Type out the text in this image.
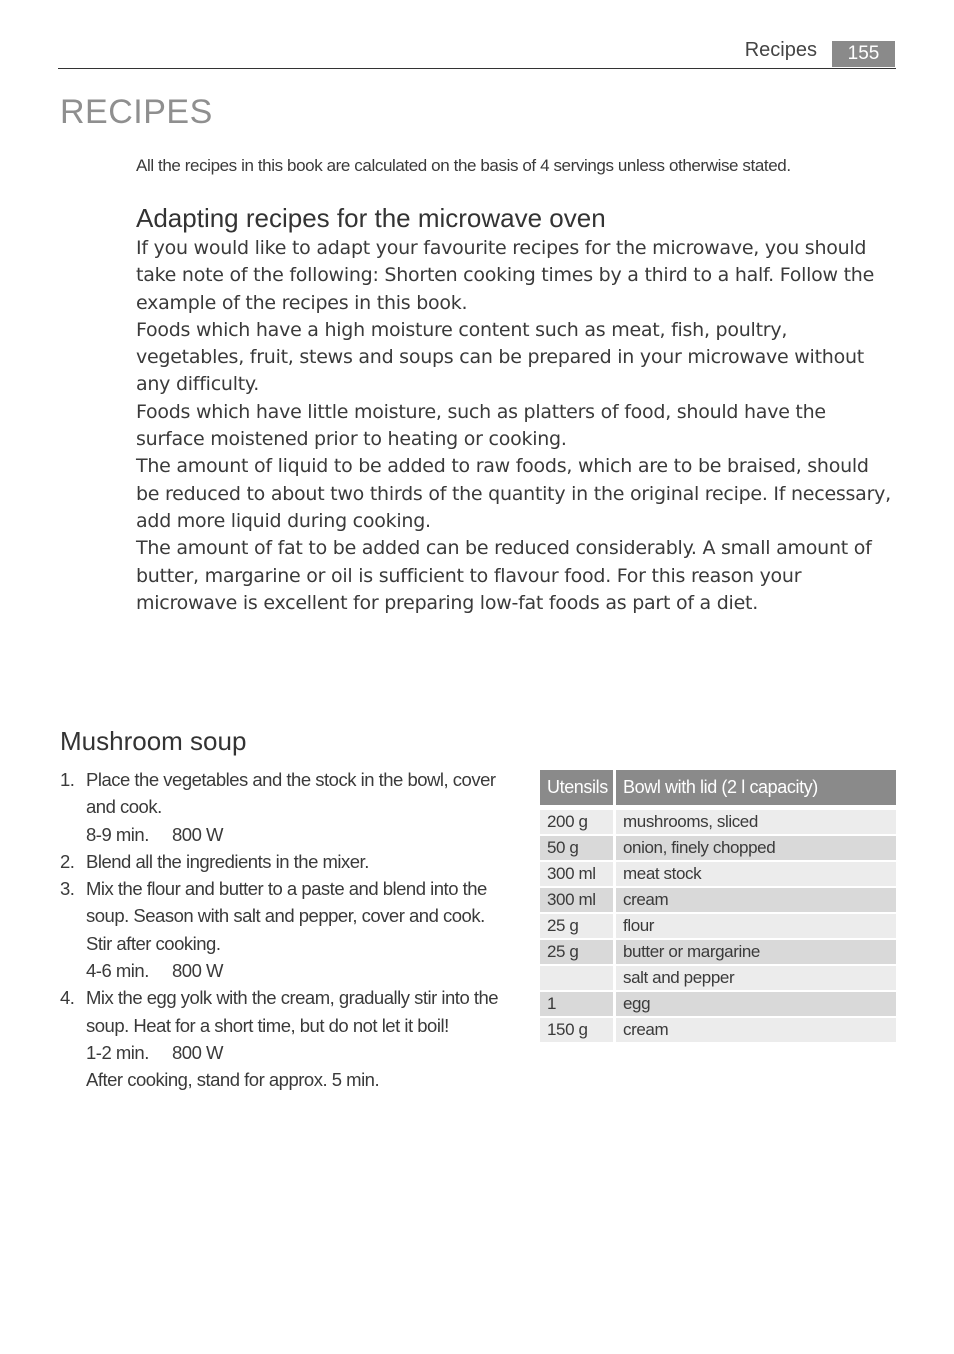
Recipes	155
RECIPES
All the recipes in this book are calculated on the basis of 4 servings unless otherwise stated.
Adapting recipes for the microwave oven

If you would like to adapt your favourite recipes for the microwave, you should take note of the following: Shorten cooking times by a third to a half. Follow the example of the recipes in this book.

Foods which have a high moisture content such as meat, fish, poultry, vegetables, fruit, stews and soups can be prepared in your microwave without any difficulty.

Foods which have little moisture, such as platters of food, should have the surface moistened prior to heating or cooking.

The amount of liquid to be added to raw foods, which are to be braised, should be reduced to about two thirds of the quantity in the original recipe. If necessary, add more liquid during cooking.

The amount of fat to be added can be reduced considerably. A small amount of butter, margarine or oil is sufficient to flavour food. For this reason your microwave is excellent for preparing low-fat foods as part of a diet.

Mushroom soup
1. Place the vegetables and the stock in the bowl, cover and cook.
8-9 min.	800 W
2. Blend all the ingredients in the mixer.
3. Mix the flour and butter to a paste and blend into the soup. Season with salt and pepper, cover and cook. Stir after cooking.
4-6 min.	800 W
4. Mix the egg yolk with the cream, gradually stir into the soup. Heat for a short time, but do not let it boil!
1-2 min.	800 W
After cooking, stand for approx. 5 min.
Utensils	Bowl with lid (2 l capacity)
200 g	mushrooms, sliced
50 g	onion, finely chopped
300 ml	meat stock
300 ml	cream
25 g	flour
25 g	butter or margarine
	salt and pepper
1	egg
150 g	cream
